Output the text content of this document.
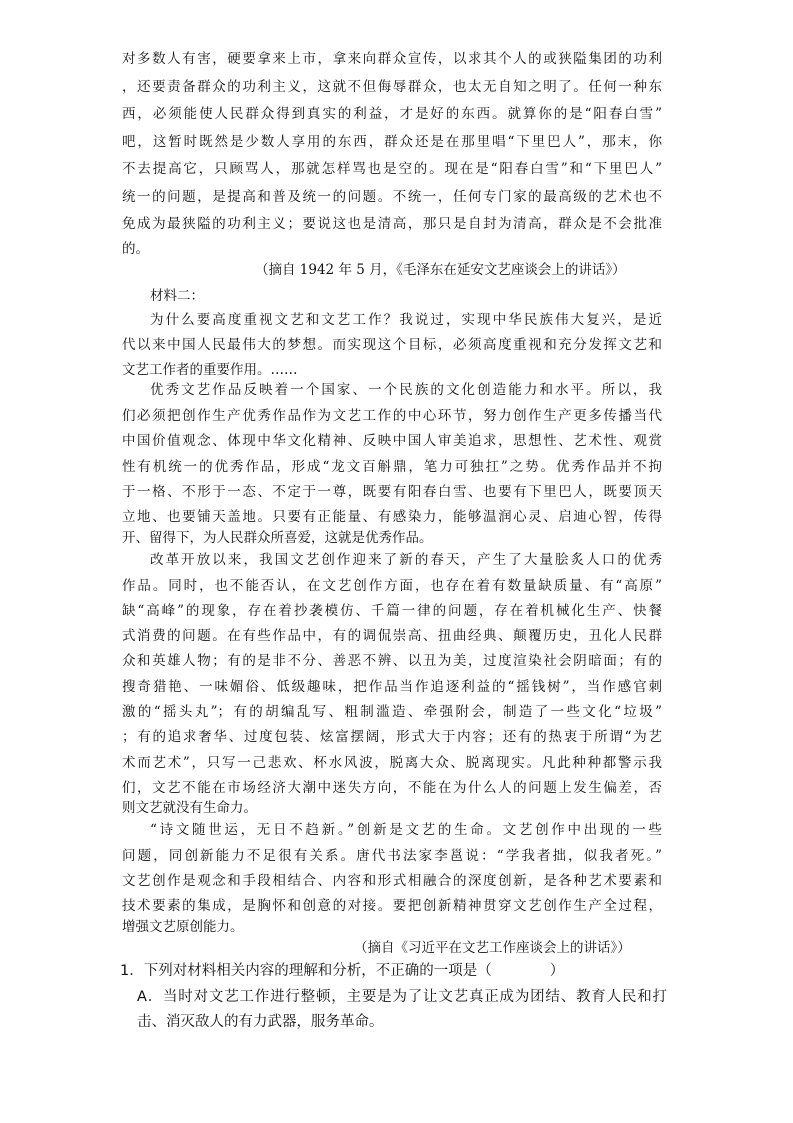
对多数人有害，硬要拿来上市，拿来向群众宣传，以求其个人的或狭隘集团的功利
，还要责备群众的功利主义，这就不但侮辱群众，也太无自知之明了。任何一种东
西，必须能使人民群众得到真实的利益，才是好的东西。就算你的是“阳春白雪”
吧，这暂时既然是少数人享用的东西，群众还是在那里唱“下里巴人”，那末，你
不去提高它，只顾骂人，那就怎样骂也是空的。现在是“阳春白雪”和“下里巴人”
统一的问题，是提高和普及统一的问题。不统一，任何专门家的最高级的艺术也不
免成为最狭隘的功利主义；要说这也是清高，那只是自封为清高，群众是不会批准
的。
（摘自 1942 年 5 月，《毛泽东在延安文艺座谈会上的讲话》）
材料二：
为什么要高度重视文艺和文艺工作？我说过，实现中华民族伟大复兴，是近
代以来中国人民最伟大的梦想。而实现这个目标，必须高度重视和充分发挥文艺和
文艺工作者的重要作用。……
优秀文艺作品反映着一个国家、一个民族的文化创造能力和水平。所以，我
们必须把创作生产优秀作品作为文艺工作的中心环节，努力创作生产更多传播当代
中国价值观念、体现中华文化精神、反映中国人审美追求，思想性、艺术性、观赏
性有机统一的优秀作品，形成“龙文百斛鼎，笔力可独扛”之势。优秀作品并不拘
于一格、不形于一态、不定于一尊，既要有阳春白雪、也要有下里巴人，既要顶天
立地、也要铺天盖地。只要有正能量、有感染力，能够温润心灵、启迪心智，传得
开、留得下，为人民群众所喜爱，这就是优秀作品。
改革开放以来，我国文艺创作迎来了新的春天，产生了大量脍炙人口的优秀
作品。同时，也不能否认，在文艺创作方面，也存在着有数量缺质量、有“高原”
缺“高峰”的现象，存在着抄袭模仿、千篇一律的问题，存在着机械化生产、快餐
式消费的问题。在有些作品中，有的调侃崇高、扭曲经典、颠覆历史，丑化人民群
众和英雄人物；有的是非不分、善恶不辨、以丑为美，过度渲染社会阴暗面；有的
搜奇猎艳、一味媚俗、低级趣味，把作品当作追逐利益的“摇钱树”，当作感官刺
激的“摇头丸”；有的胡编乱写、粗制滥造、牵强附会，制造了一些文化“垃圾”
；有的追求奢华、过度包装、炫富摆阔，形式大于内容；还有的热衷于所谓“为艺
术而艺术”，只写一己悲欢、杯水风波，脱离大众、脱离现实。凡此种种都警示我
们，文艺不能在市场经济大潮中迷失方向，不能在为什么人的问题上发生偏差，否
则文艺就没有生命力。
“诗文随世运，无日不趋新。”创新是文艺的生命。文艺创作中出现的一些
问题，同创新能力不足很有关系。唐代书法家李邕说：“学我者拙，似我者死。”
文艺创作是观念和手段相结合、内容和形式相融合的深度创新，是各种艺术要素和
技术要素的集成，是胸怀和创意的对接。要把创新精神贯穿文艺创作生产全过程，
增强文艺原创能力。
（摘自《习近平在文艺工作座谈会上的讲话》）
1．下列对材料相关内容的理解和分析，不正确的一项是（　　　　）
A．当时对文艺工作进行整顿，主要是为了让文艺真正成为团结、教育人民和打
击、消灭敌人的有力武器，服务革命。
